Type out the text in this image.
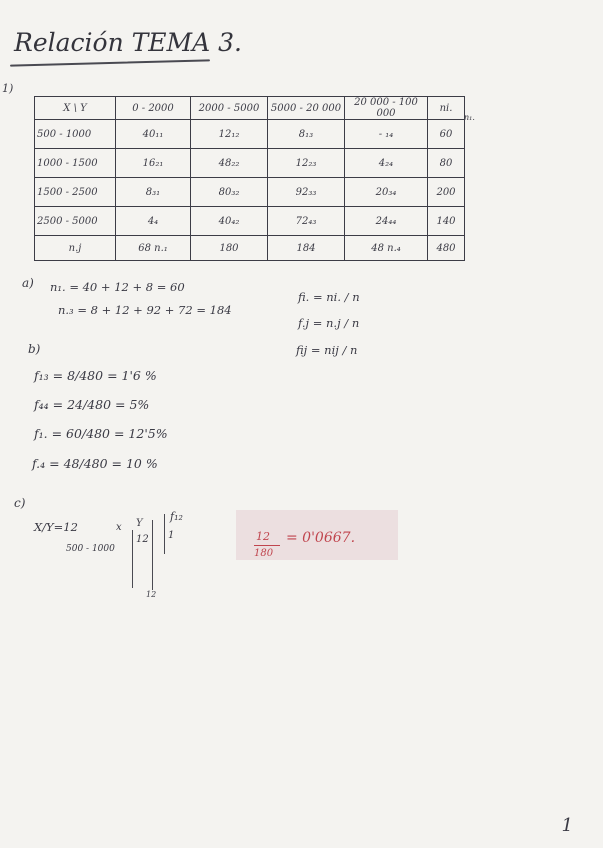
Relación TEMA 3.
1)
X \ Y	0 - 2000	2000 - 5000	5000 - 20 000	20 000 - 100 000	ni.
500 - 1000	40₁₁	12₁₂	8₁₃	- ₁₄	60
1000 - 1500	16₂₁	48₂₂	12₂₃	4₂₄	80
1500 - 2500	8₃₁	80₃₂	92₃₃	20₃₄	200
2500 - 5000	4₄	40₄₂	72₄₃	24₄₄	140
n.j	68 n.₁	180	184	48 n.₄	480
n₁.
a) n₁. = 40 + 12 + 8 = 60
n.₃ = 8 + 12 + 92 + 72 = 184
fi. = ni. / n
f.j = n.j / n
fij = nij / n
b)
f₁₃ = 8/480 = 1'6 %
f₄₄ = 24/480 = 5%
f₁. = 60/480 = 12'5%
f.₄ = 48/480 = 10 %
c)
X/Y=12
500 - 1000
x Y
12
f₁₂
1
12
12
180
= 0'0667.
1
